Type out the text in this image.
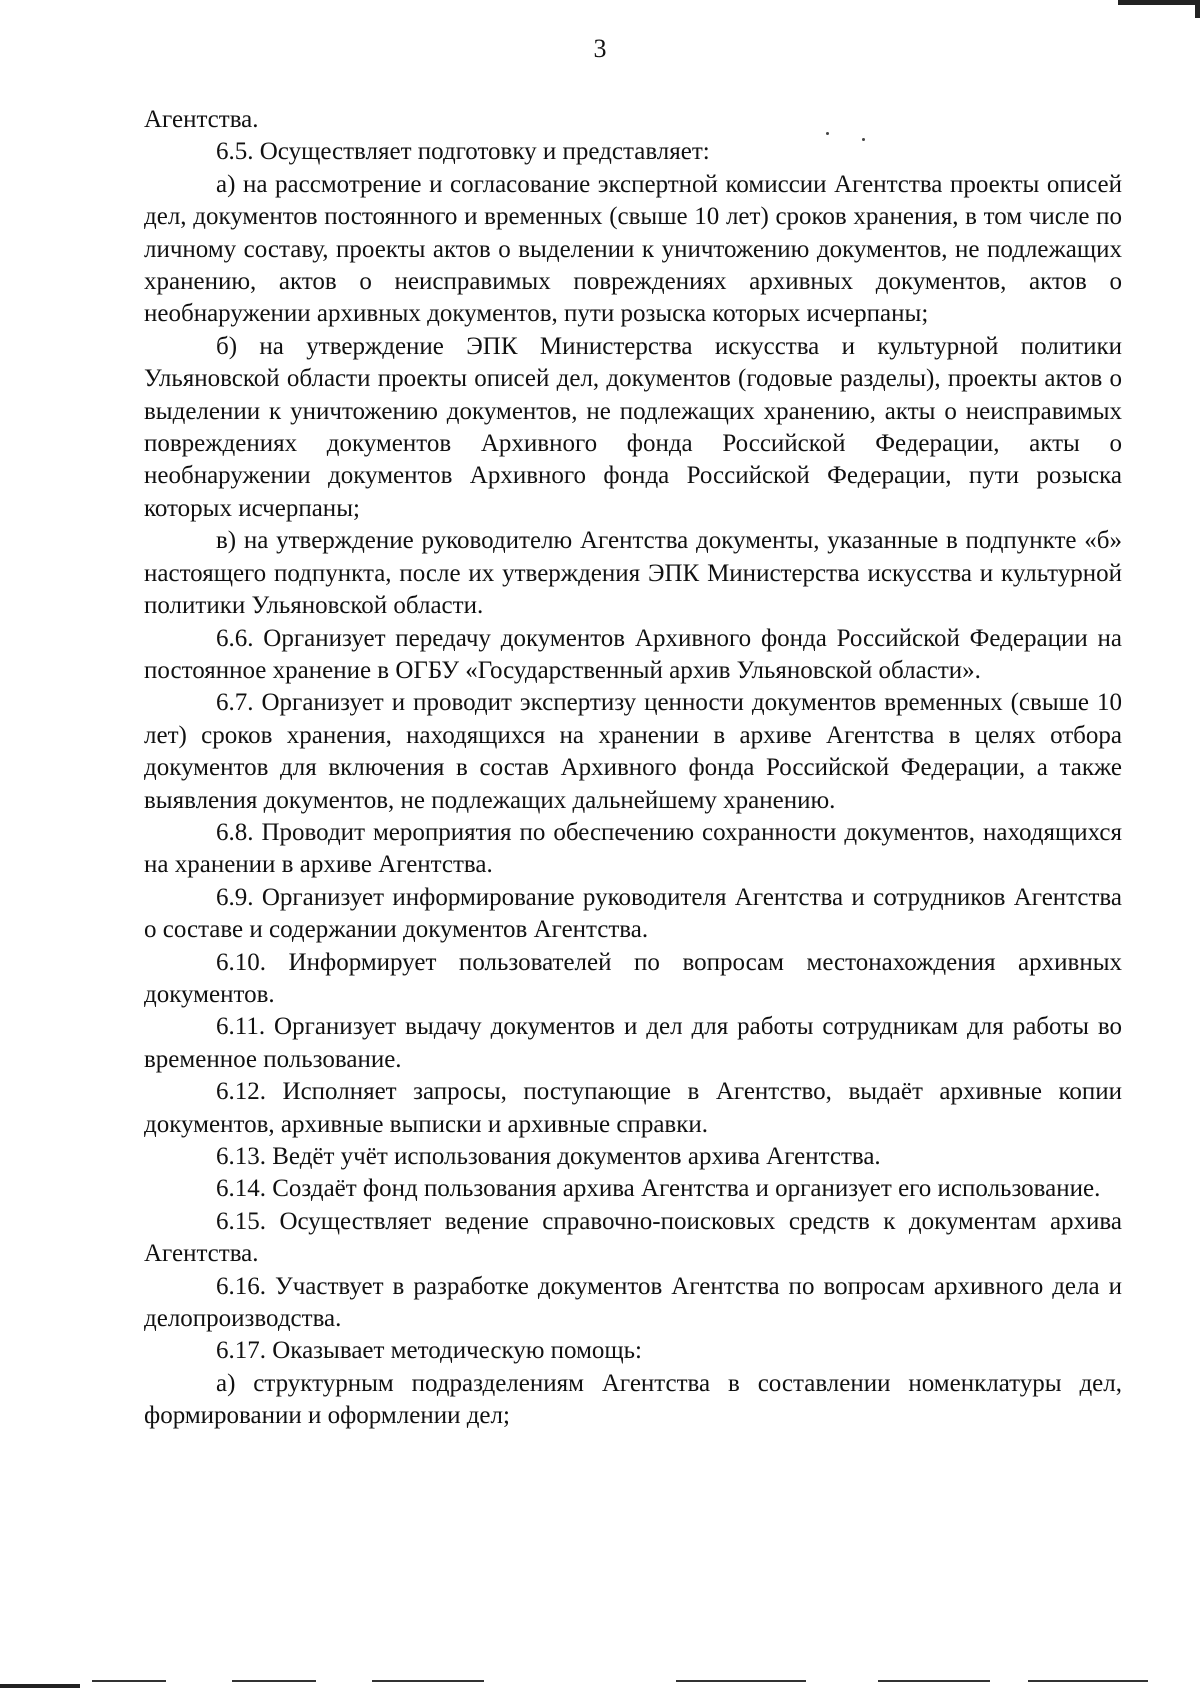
3

Агентства.

6.5. Осуществляет подготовку и представляет:

а) на рассмотрение и согласование экспертной комиссии Агентства проекты описей дел, документов постоянного и временных (свыше 10 лет) сроков хранения, в том числе по личному составу, проекты актов о выделении к уничтожению документов, не подлежащих хранению, актов о неисправимых повреждениях архивных документов, актов о необнаружении архивных документов, пути розыска которых исчерпаны;

б) на утверждение ЭПК Министерства искусства и культурной политики Ульяновской области проекты описей дел, документов (годовые разделы), проекты актов о выделении к уничтожению документов, не подлежащих хранению, акты о неисправимых повреждениях документов Архивного фонда Российской Федерации, акты о необнаружении документов Архивного фонда Российской Федерации, пути розыска которых исчерпаны;

в) на утверждение руководителю Агентства документы, указанные в подпункте «б» настоящего подпункта, после их утверждения ЭПК Министерства искусства и культурной политики Ульяновской области.

6.6. Организует передачу документов Архивного фонда Российской Федерации на постоянное хранение в ОГБУ «Государственный архив Ульяновской области».

6.7. Организует и проводит экспертизу ценности документов временных (свыше 10 лет) сроков хранения, находящихся на хранении в архиве Агентства в целях отбора документов для включения в состав Архивного фонда Российской Федерации, а также выявления документов, не подлежащих дальнейшему хранению.

6.8. Проводит мероприятия по обеспечению сохранности документов, находящихся на хранении в архиве Агентства.

6.9. Организует информирование руководителя Агентства и сотрудников Агентства о составе и содержании документов Агентства.

6.10. Информирует пользователей по вопросам местонахождения архивных документов.

6.11. Организует выдачу документов и дел для работы сотрудникам для работы во временное пользование.

6.12. Исполняет запросы, поступающие в Агентство, выдаёт архивные копии документов, архивные выписки и архивные справки.

6.13. Ведёт учёт использования документов архива Агентства.

6.14. Создаёт фонд пользования архива Агентства и организует его использование.

6.15. Осуществляет ведение справочно-поисковых средств к документам архива Агентства.

6.16. Участвует в разработке документов Агентства по вопросам архивного дела и делопроизводства.

6.17. Оказывает методическую помощь:

а) структурным подразделениям Агентства в составлении номенклатуры дел, формировании и оформлении дел;
